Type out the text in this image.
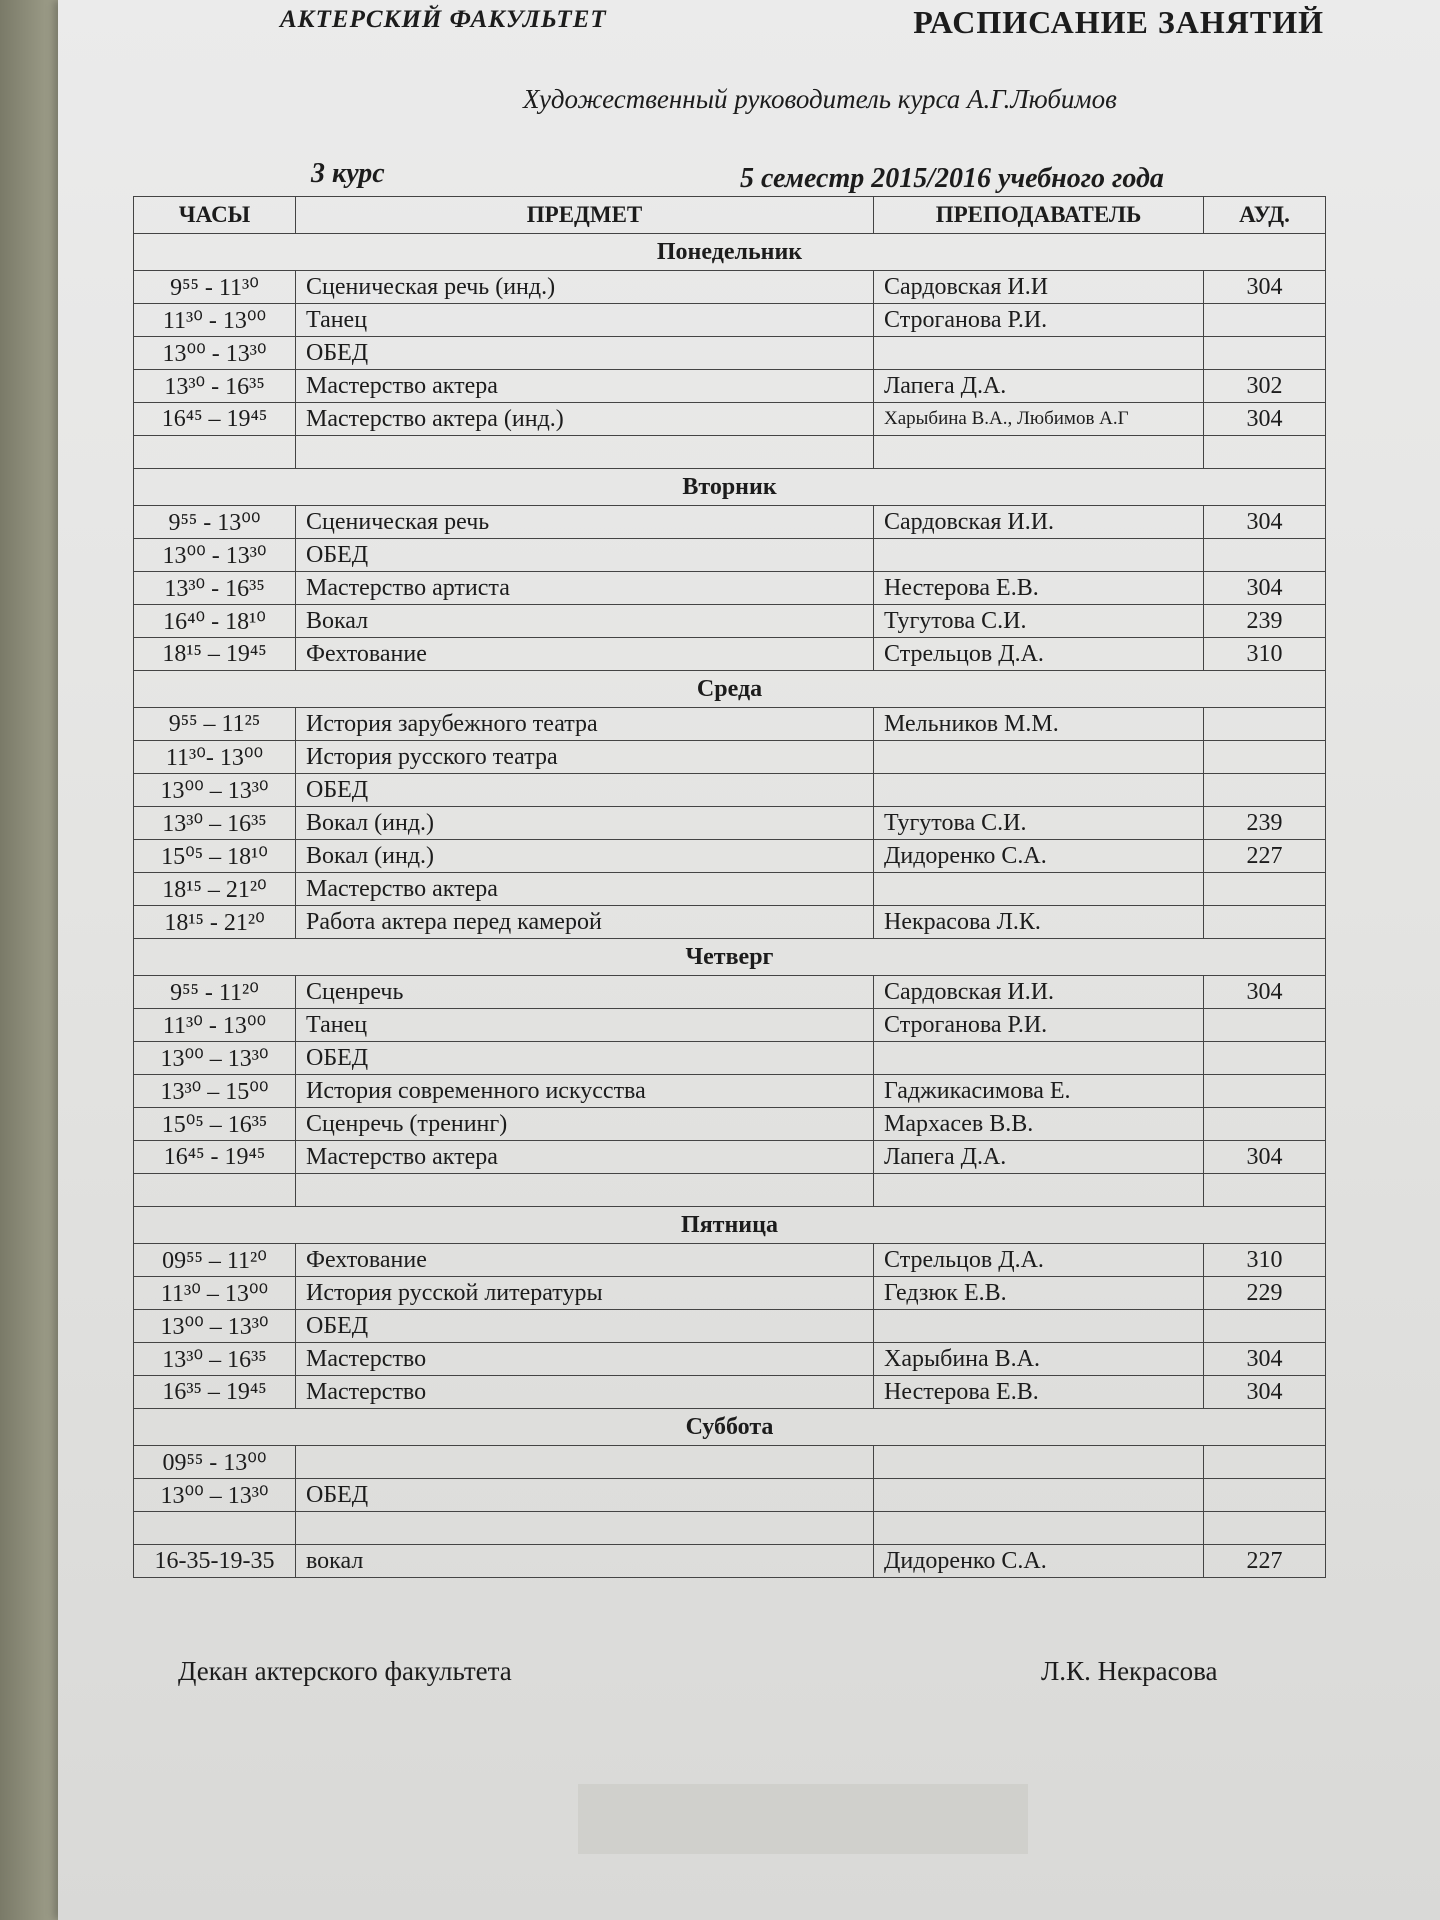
АКТЕРСКИЙ ФАКУЛЬТЕТ	РАСПИСАНИЕ ЗАНЯТИЙ
Художественный руководитель курса А.Г.Любимов
3 курс	5 семестр 2015/2016 учебного года
ЧАСЫ	ПРЕДМЕТ	ПРЕПОДАВАТЕЛЬ	АУД.
Понедельник			
9⁵⁵ - 11³⁰	Сценическая речь (инд.)	Сардовская И.И	304
11³⁰ - 13⁰⁰	Танец	Строганова Р.И.	
13⁰⁰ - 13³⁰	ОБЕД		
13³⁰ - 16³⁵	Мастерство актера	Лапега Д.А.	302
16⁴⁵ – 19⁴⁵	Мастерство актера (инд.)	Харыбина В.А., Любимов А.Г	304

Вторник			
9⁵⁵ - 13⁰⁰	Сценическая речь	Сардовская И.И.	304
13⁰⁰ - 13³⁰	ОБЕД		
13³⁰ - 16³⁵	Мастерство артиста	Нестерова Е.В.	304
16⁴⁰ - 18¹⁰	Вокал	Тугутова С.И.	239
18¹⁵ – 19⁴⁵	Фехтование	Стрельцов Д.А.	310
Среда			
9⁵⁵ – 11²⁵	История зарубежного театра	Мельников М.М.	
11³⁰- 13⁰⁰	История русского театра		
13⁰⁰ – 13³⁰	ОБЕД		
13³⁰ – 16³⁵	Вокал (инд.)	Тугутова С.И.	239
15⁰⁵ – 18¹⁰	Вокал (инд.)	Дидоренко С.А.	227
18¹⁵ – 21²⁰	Мастерство актера		
18¹⁵ - 21²⁰	Работа актера перед камерой	Некрасова Л.К.	
Четверг			
9⁵⁵ - 11²⁰	Сценречь	Сардовская И.И.	304
11³⁰ - 13⁰⁰	Танец	Строганова Р.И.	
13⁰⁰ – 13³⁰	ОБЕД		
13³⁰ – 15⁰⁰	История современного искусства	Гаджикасимова Е.	
15⁰⁵ – 16³⁵	Сценречь (тренинг)	Мархасев В.В.	
16⁴⁵ - 19⁴⁵	Мастерство актера	Лапега Д.А.	304

Пятница			
09⁵⁵ – 11²⁰	Фехтование	Стрельцов Д.А.	310
11³⁰ – 13⁰⁰	История русской литературы	Гедзюк Е.В.	229
13⁰⁰ – 13³⁰	ОБЕД		
13³⁰ – 16³⁵	Мастерство	Харыбина В.А.	304
16³⁵ – 19⁴⁵	Мастерство	Нестерова Е.В.	304
Суббота			
09⁵⁵ - 13⁰⁰			
13⁰⁰ – 13³⁰	ОБЕД		

16-35-19-35	вокал	Дидоренко С.А.	227
Декан актерского факультета	Л.К. Некрасова
